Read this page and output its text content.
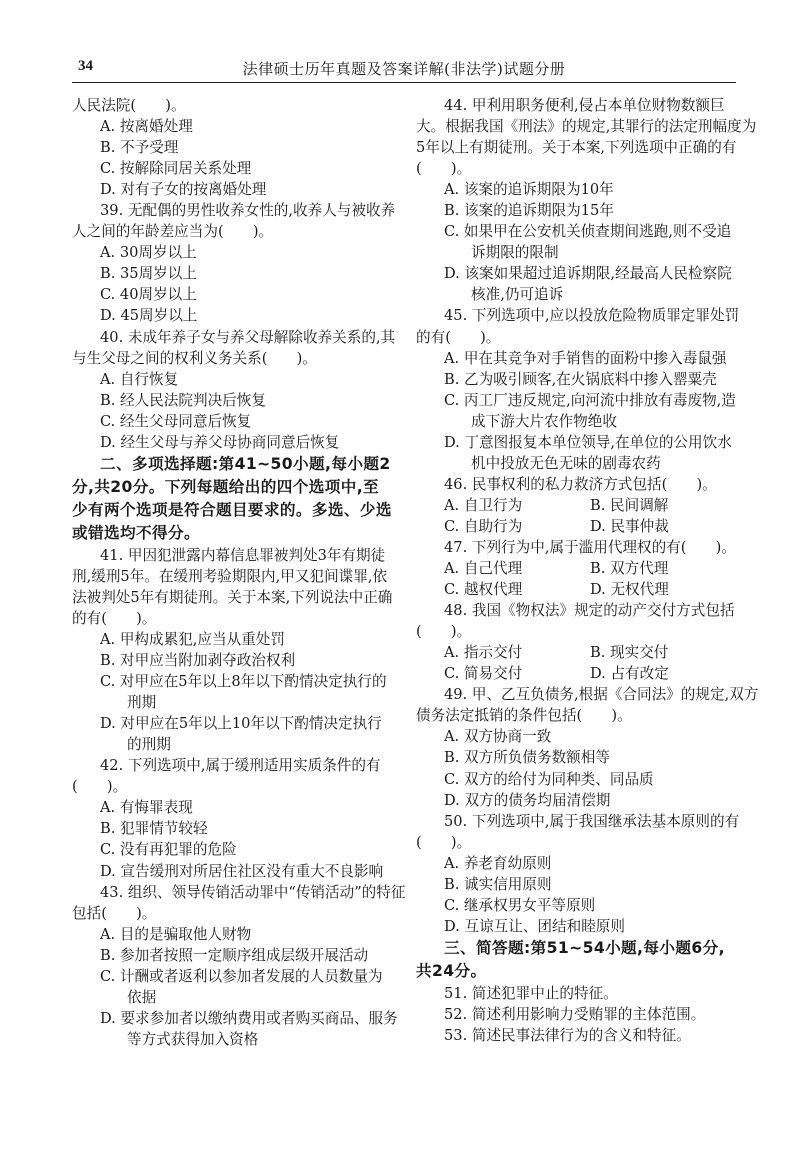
34	法律硕士历年真题及答案详解(非法学)试题分册
人民法院(　　)。
A. 按离婚处理
B. 不予受理
C. 按解除同居关系处理
D. 对有子女的按离婚处理
39. 无配偶的男性收养女性的,收养人与被收养
人之间的年龄差应当为(　　)。
A. 30周岁以上
B. 35周岁以上
C. 40周岁以上
D. 45周岁以上
40. 未成年养子女与养父母解除收养关系的,其
与生父母之间的权利义务关系(　　)。
A. 自行恢复
B. 经人民法院判决后恢复
C. 经生父母同意后恢复
D. 经生父母与养父母协商同意后恢复
二、多项选择题:第41~50小题,每小题2
分,共20分。下列每题给出的四个选项中,至
少有两个选项是符合题目要求的。多选、少选
或错选均不得分。
41. 甲因犯泄露内幕信息罪被判处3年有期徒
刑,缓刑5年。在缓刑考验期限内,甲又犯间谍罪,依
法被判处5年有期徒刑。关于本案,下列说法中正确
的有(　　)。
A. 甲构成累犯,应当从重处罚
B. 对甲应当附加剥夺政治权利
C. 对甲应在5年以上8年以下酌情决定执行的
刑期
D. 对甲应在5年以上10年以下酌情决定执行
的刑期
42. 下列选项中,属于缓刑适用实质条件的有
(　　)。
A. 有悔罪表现
B. 犯罪情节较轻
C. 没有再犯罪的危险
D. 宣告缓刑对所居住社区没有重大不良影响
43. 组织、领导传销活动罪中“传销活动”的特征
包括(　　)。
A. 目的是骗取他人财物
B. 参加者按照一定顺序组成层级开展活动
C. 计酬或者返利以参加者发展的人员数量为
依据
D. 要求参加者以缴纳费用或者购买商品、服务
等方式获得加入资格
44. 甲利用职务便利,侵占本单位财物数额巨
大。根据我国《刑法》的规定,其罪行的法定刑幅度为
5年以上有期徒刑。关于本案,下列选项中正确的有
(　　)。
A. 该案的追诉期限为10年
B. 该案的追诉期限为15年
C. 如果甲在公安机关侦查期间逃跑,则不受追
诉期限的限制
D. 该案如果超过追诉期限,经最高人民检察院
核准,仍可追诉
45. 下列选项中,应以投放危险物质罪定罪处罚
的有(　　)。
A. 甲在其竞争对手销售的面粉中掺入毒鼠强
B. 乙为吸引顾客,在火锅底料中掺入罂粟壳
C. 丙工厂违反规定,向河流中排放有毒废物,造
成下游大片农作物绝收
D. 丁意图报复本单位领导,在单位的公用饮水
机中投放无色无味的剧毒农药
46. 民事权利的私力救济方式包括(　　)。
A. 自卫行为	B. 民间调解
C. 自助行为	D. 民事仲裁
47. 下列行为中,属于滥用代理权的有(　　)。
A. 自己代理	B. 双方代理
C. 越权代理	D. 无权代理
48. 我国《物权法》规定的动产交付方式包括
(　　)。
A. 指示交付	B. 现实交付
C. 简易交付	D. 占有改定
49. 甲、乙互负债务,根据《合同法》的规定,双方
债务法定抵销的条件包括(　　)。
A. 双方协商一致
B. 双方所负债务数额相等
C. 双方的给付为同种类、同品质
D. 双方的债务均届清偿期
50. 下列选项中,属于我国继承法基本原则的有
(　　)。
A. 养老育幼原则
B. 诚实信用原则
C. 继承权男女平等原则
D. 互谅互让、团结和睦原则
三、简答题:第51~54小题,每小题6分,
共24分。
51. 简述犯罪中止的特征。
52. 简述利用影响力受贿罪的主体范围。
53. 简述民事法律行为的含义和特征。
